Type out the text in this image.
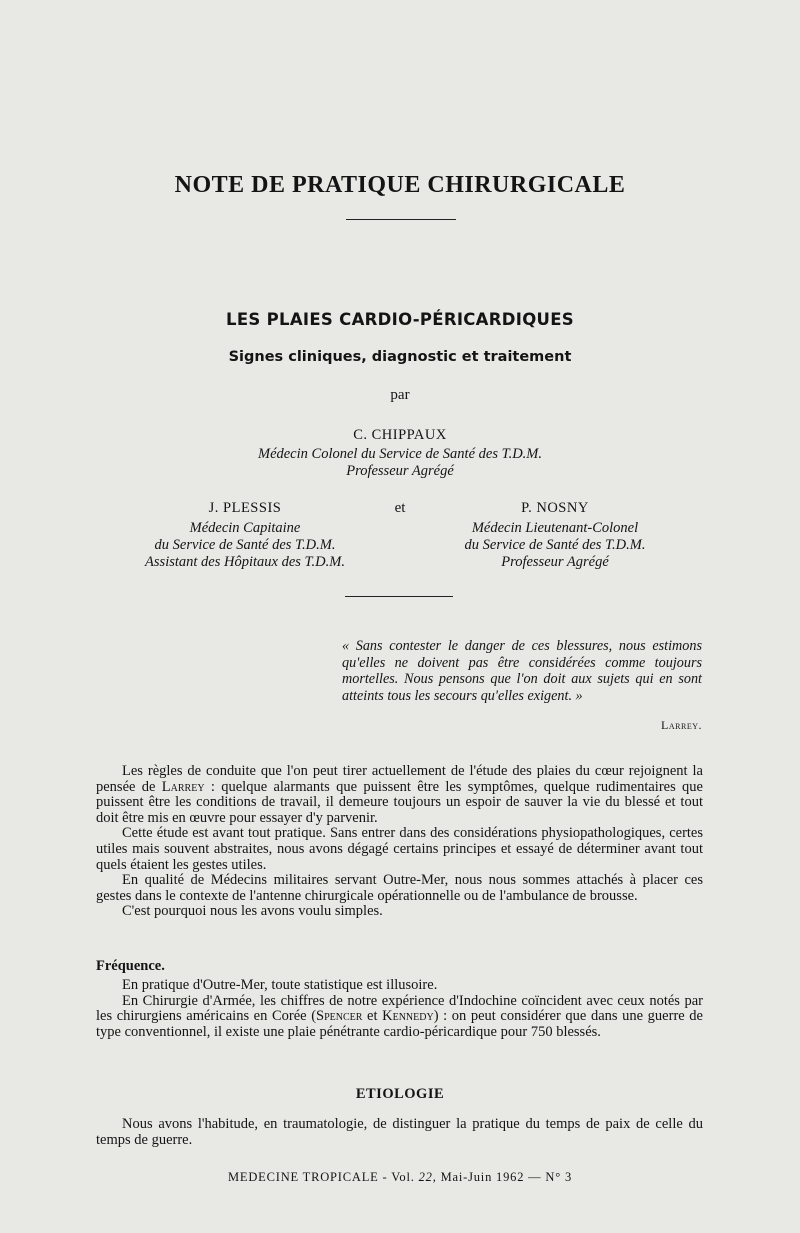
NOTE DE PRATIQUE CHIRURGICALE
LES PLAIES CARDIO-PÉRICARDIQUES
Signes cliniques, diagnostic et traitement
par
C. CHIPPAUX
Médecin Colonel du Service de Santé des T.D.M.
Professeur Agrégé
J. PLESSIS
Médecin Capitaine
du Service de Santé des T.D.M.
Assistant des Hôpitaux des T.D.M.
et	P. NOSNY
Médecin Lieutenant-Colonel
du Service de Santé des T.D.M.
Professeur Agrégé
« Sans contester le danger de ces blessures, nous estimons qu'elles ne doivent pas être considérées comme toujours mortelles. Nous pensons que l'on doit aux sujets qui en sont atteints tous les secours qu'elles exigent. »
Larrey.

Les règles de conduite que l'on peut tirer actuellement de l'étude des plaies du cœur rejoignent la pensée de Larrey : quelque alarmants que puissent être les symptômes, quelque rudimentaires que puissent être les conditions de travail, il demeure toujours un espoir de sauver la vie du blessé et tout doit être mis en œuvre pour essayer d'y parvenir.

Cette étude est avant tout pratique. Sans entrer dans des considérations physiopathologiques, certes utiles mais souvent abstraites, nous avons dégagé certains principes et essayé de déterminer avant tout quels étaient les gestes utiles.

En qualité de Médecins militaires servant Outre-Mer, nous nous sommes attachés à placer ces gestes dans le contexte de l'antenne chirurgicale opérationnelle ou de l'ambulance de brousse.

C'est pourquoi nous les avons voulu simples.

Fréquence.

En pratique d'Outre-Mer, toute statistique est illusoire.

En Chirurgie d'Armée, les chiffres de notre expérience d'Indochine coïncident avec ceux notés par les chirurgiens américains en Corée (Spencer et Kennedy) : on peut considérer que dans une guerre de type conventionnel, il existe une plaie pénétrante cardio-péricardique pour 750 blessés.

ETIOLOGIE

Nous avons l'habitude, en traumatologie, de distinguer la pratique du temps de paix de celle du temps de guerre.

MEDECINE TROPICALE - Vol. 22, Mai-Juin 1962 — N° 3
